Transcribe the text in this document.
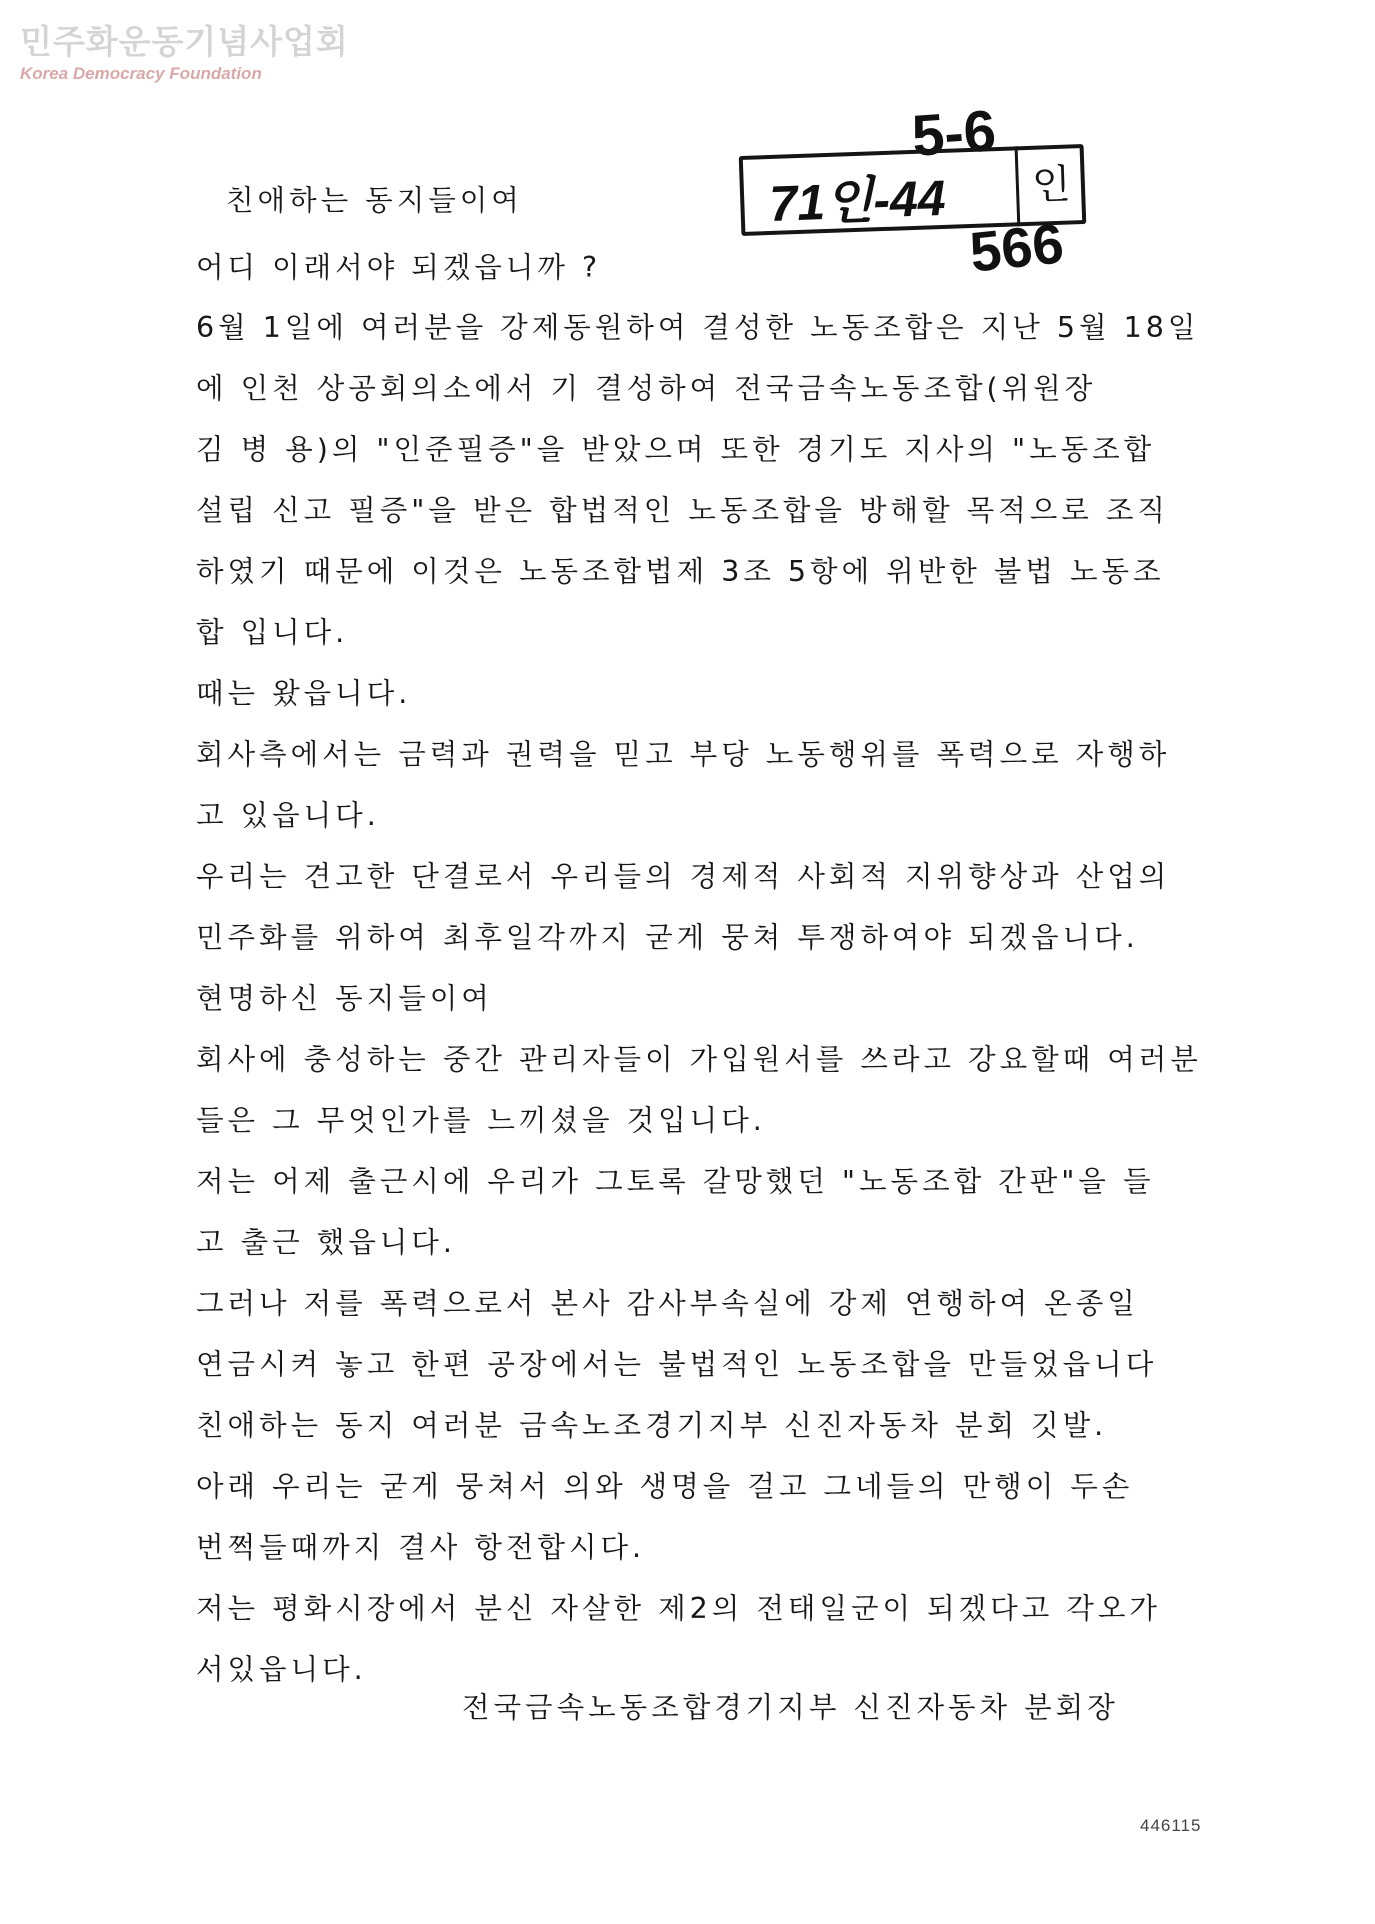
민주화운동기념사업회
Korea Democracy Foundation
5-6
71인-44	인
566
친애하는 동지들이여
어디 이래서야 되겠읍니까 ?
6월 1일에 여러분을 강제동원하여 결성한 노동조합은 지난 5월 18일
에 인천 상공회의소에서 기 결성하여 전국금속노동조합(위원장
김 병 용)의 "인준필증"을 받았으며 또한 경기도 지사의 "노동조합
설립 신고 필증"을 받은 합법적인 노동조합을 방해할 목적으로 조직
하였기 때문에 이것은 노동조합법제 3조 5항에 위반한 불법 노동조
합 입니다.
때는 왔읍니다.
회사측에서는 금력과 권력을 믿고 부당 노동행위를 폭력으로 자행하
고 있읍니다.
우리는 견고한 단결로서 우리들의 경제적 사회적 지위향상과 산업의
민주화를 위하여 최후일각까지 굳게 뭉쳐 투쟁하여야 되겠읍니다.
현명하신 동지들이여
회사에 충성하는 중간 관리자들이 가입원서를 쓰라고 강요할때 여러분
들은 그 무엇인가를 느끼셨을 것입니다.
저는 어제 출근시에 우리가 그토록 갈망했던 "노동조합 간판"을 들
고 출근 했읍니다.
그러나 저를 폭력으로서 본사 감사부속실에 강제 연행하여 온종일
연금시켜 놓고 한편 공장에서는 불법적인 노동조합을 만들었읍니다
친애하는 동지 여러분 금속노조경기지부 신진자동차 분회 깃발.
아래 우리는 굳게 뭉쳐서 의와 생명을 걸고 그네들의 만행이 두손
번쩍들때까지 결사 항전합시다.
저는 평화시장에서 분신 자살한 제2의 전태일군이 되겠다고 각오가
서있읍니다.
전국금속노동조합경기지부 신진자동차 분회장
446115
